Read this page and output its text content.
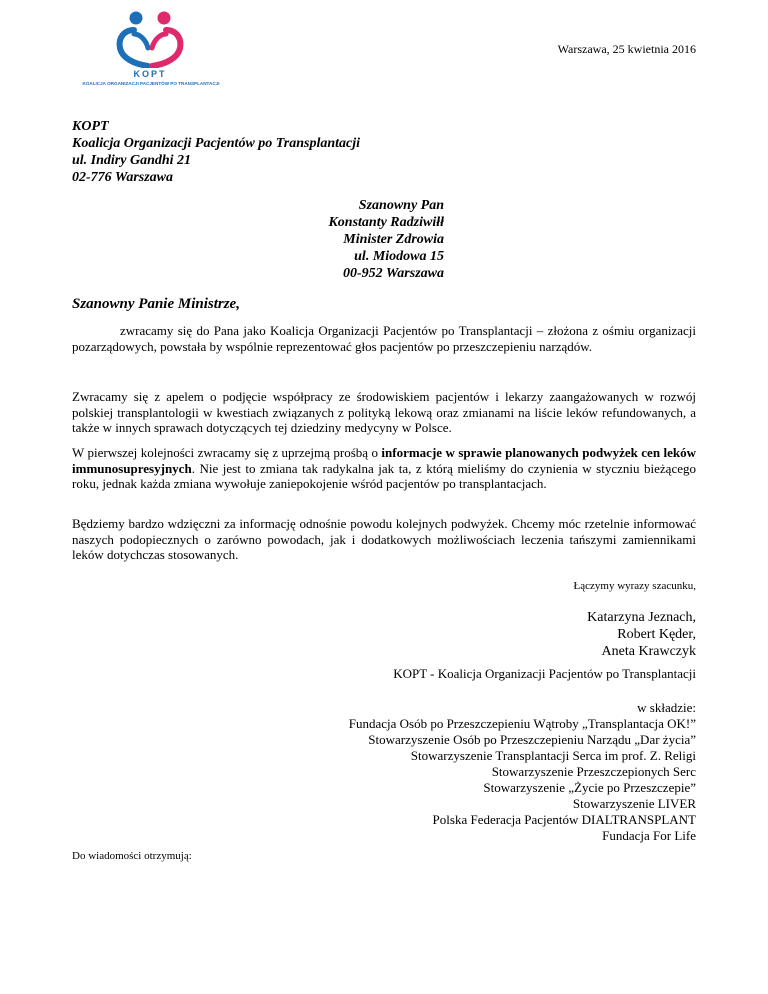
KOPT
KOALICJA ORGANIZACJI PACJENTÓW PO TRANSPLANTACJI
Warszawa, 25 kwietnia 2016
KOPT
Koalicja Organizacji Pacjentów po Transplantacji
ul. Indiry Gandhi 21
02-776 Warszawa
Szanowny Pan
Konstanty Radziwiłł
Minister Zdrowia
ul. Miodowa 15
00-952 Warszawa
Szanowny Panie Ministrze,
zwracamy się do Pana jako Koalicja Organizacji Pacjentów po Transplantacji – złożona z ośmiu organizacji pozarządowych, powstała by wspólnie reprezentować głos pacjentów po przeszczepieniu narządów.
Zwracamy się z apelem o podjęcie współpracy ze środowiskiem pacjentów i lekarzy zaangażowanych w rozwój polskiej transplantologii w kwestiach związanych z polityką lekową oraz zmianami na liście leków refundowanych, a także w innych sprawach dotyczących tej dziedziny medycyny w Polsce.
W pierwszej kolejności zwracamy się z uprzejmą prośbą o informacje w sprawie planowanych podwyżek cen leków immunosupresyjnych. Nie jest to zmiana tak radykalna jak ta, z którą mieliśmy do czynienia w styczniu bieżącego roku, jednak każda zmiana wywołuje zaniepokojenie wśród pacjentów po transplantacjach.
Będziemy bardzo wdzięczni za informację odnośnie powodu kolejnych podwyżek. Chcemy móc rzetelnie informować naszych podopiecznych o zarówno powodach, jak i dodatkowych możliwościach leczenia tańszymi zamiennikami leków dotychczas stosowanych.
Łączymy wyrazy szacunku,
Katarzyna Jeznach,
Robert Kęder,
Aneta Krawczyk
KOPT - Koalicja Organizacji Pacjentów po Transplantacji
w składzie:
Fundacja Osób po Przeszczepieniu Wątroby „Transplantacja OK!”
Stowarzyszenie Osób po Przeszczepieniu Narządu „Dar życia”
Stowarzyszenie Transplantacji Serca im prof. Z. Religi
Stowarzyszenie Przeszczepionych Serc
Stowarzyszenie „Życie po Przeszczepie”
Stowarzyszenie LIVER
Polska Federacja Pacjentów DIALTRANSPLANT
Fundacja For Life
Do wiadomości otrzymują:
